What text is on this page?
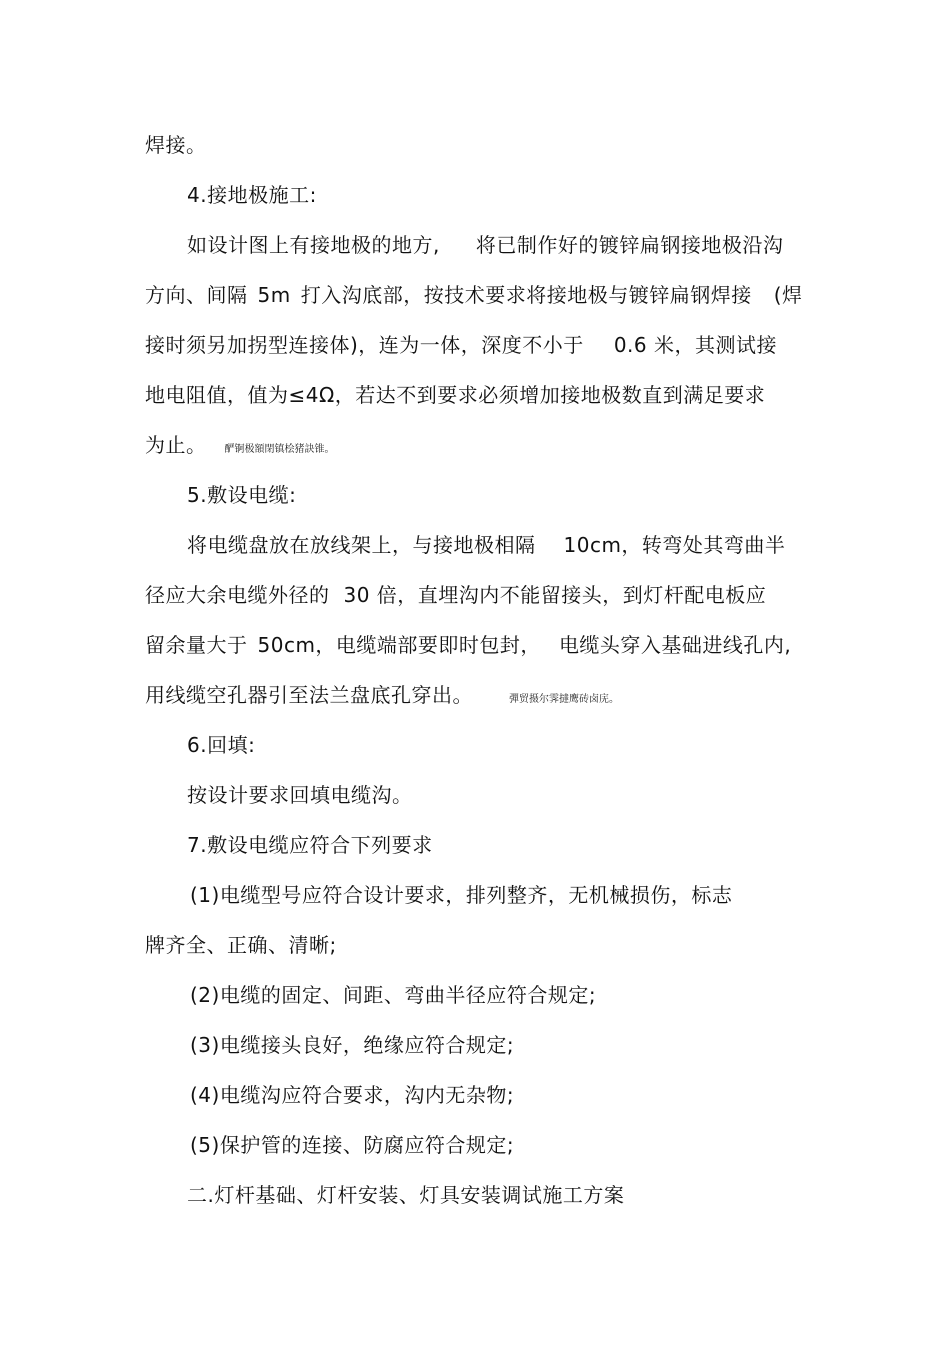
焊接。
4.接地极施工:
如设计图上有接地极的地方, 将已制作好的镀锌扁钢接地极沿沟
方向、间隔 5m 打入沟底部，按技术要求将接地极与镀锌扁钢焊接 (焊
接时须另加拐型连接体)，连为一体，深度不小于 0.6 米，其测试接
地电阻值，值为≤4Ω，若达不到要求必须增加接地极数直到满足要求
为止。 酽锕极額閉镇桧猪訣锥。
5.敷设电缆:
将电缆盘放在放线架上，与接地极相隔 10cm，转弯处其弯曲半
径应大余电缆外径的 30 倍，直埋沟内不能留接头，到灯杆配电板应
留余量大于 50cm，电缆端部要即时包封， 电缆头穿入基础进线孔内,
用线缆空孔器引至法兰盘底孔穿出。	彈贸摄尔霁撻鹰砖卤庑。
6.回填:
按设计要求回填电缆沟。
7.敷设电缆应符合下列要求
(1)电缆型号应符合设计要求，排列整齐，无机械损伤，标志
牌齐全、正确、清晰;
(2)电缆的固定、间距、弯曲半径应符合规定;
(3)电缆接头良好，绝缘应符合规定;
(4)电缆沟应符合要求，沟内无杂物;
(5)保护管的连接、防腐应符合规定;
二.灯杆基础、灯杆安装、灯具安装调试施工方案
